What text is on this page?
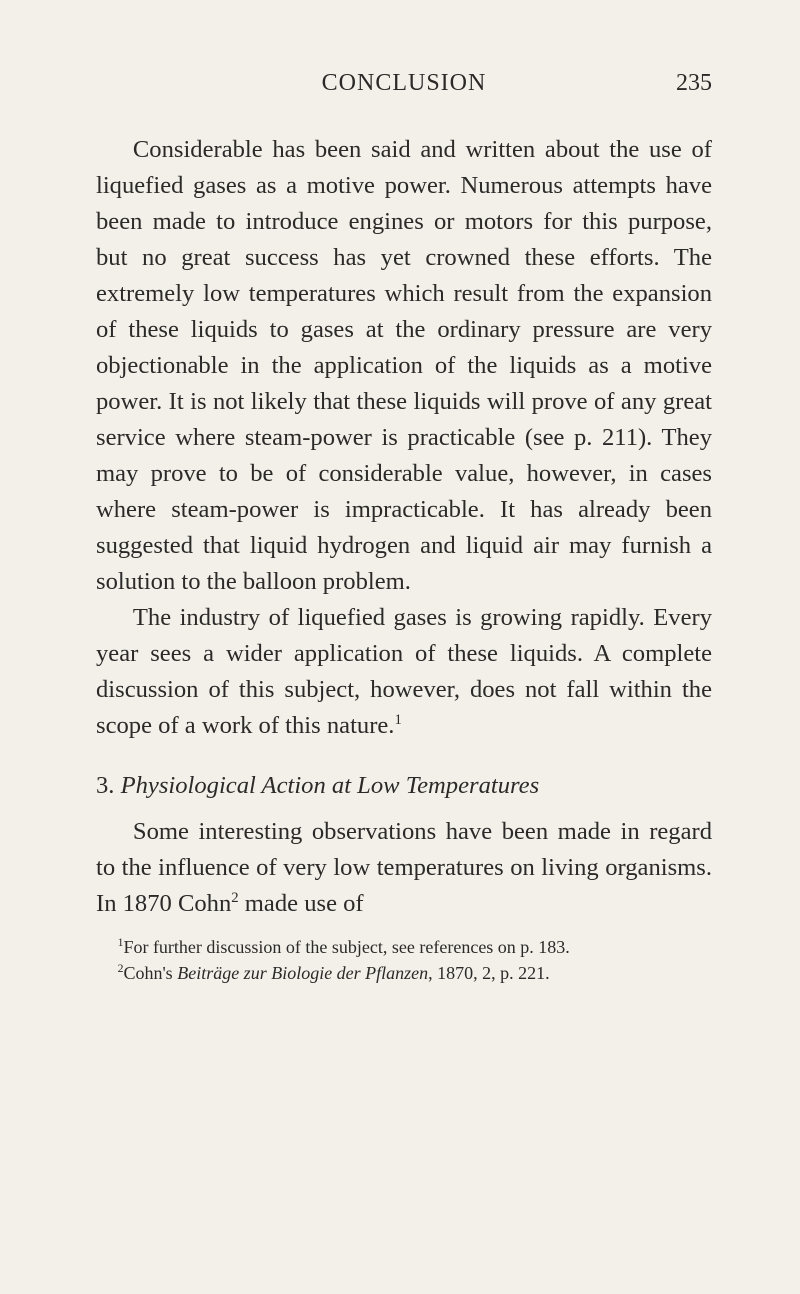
CONCLUSION	235

Considerable has been said and written about the use of liquefied gases as a motive power. Numerous attempts have been made to introduce engines or motors for this purpose, but no great success has yet crowned these efforts. The extremely low temperatures which result from the expansion of these liquids to gases at the ordinary pressure are very objectionable in the application of the liquids as a motive power. It is not likely that these liquids will prove of any great service where steam-power is practicable (see p. 211). They may prove to be of considerable value, however, in cases where steam-power is impracticable. It has already been suggested that liquid hydrogen and liquid air may furnish a solution to the balloon problem.

The industry of liquefied gases is growing rapidly. Every year sees a wider application of these liquids. A complete discussion of this subject, however, does not fall within the scope of a work of this nature.$^1$

3. Physiological Action at Low Temperatures

Some interesting observations have been made in regard to the influence of very low temperatures on living organisms. In 1870 Cohn$^2$ made use of

$^1$For further discussion of the subject, see references on p. 183.
$^2$Cohn's Beiträge zur Biologie der Pflanzen, 1870, 2, p. 221.
